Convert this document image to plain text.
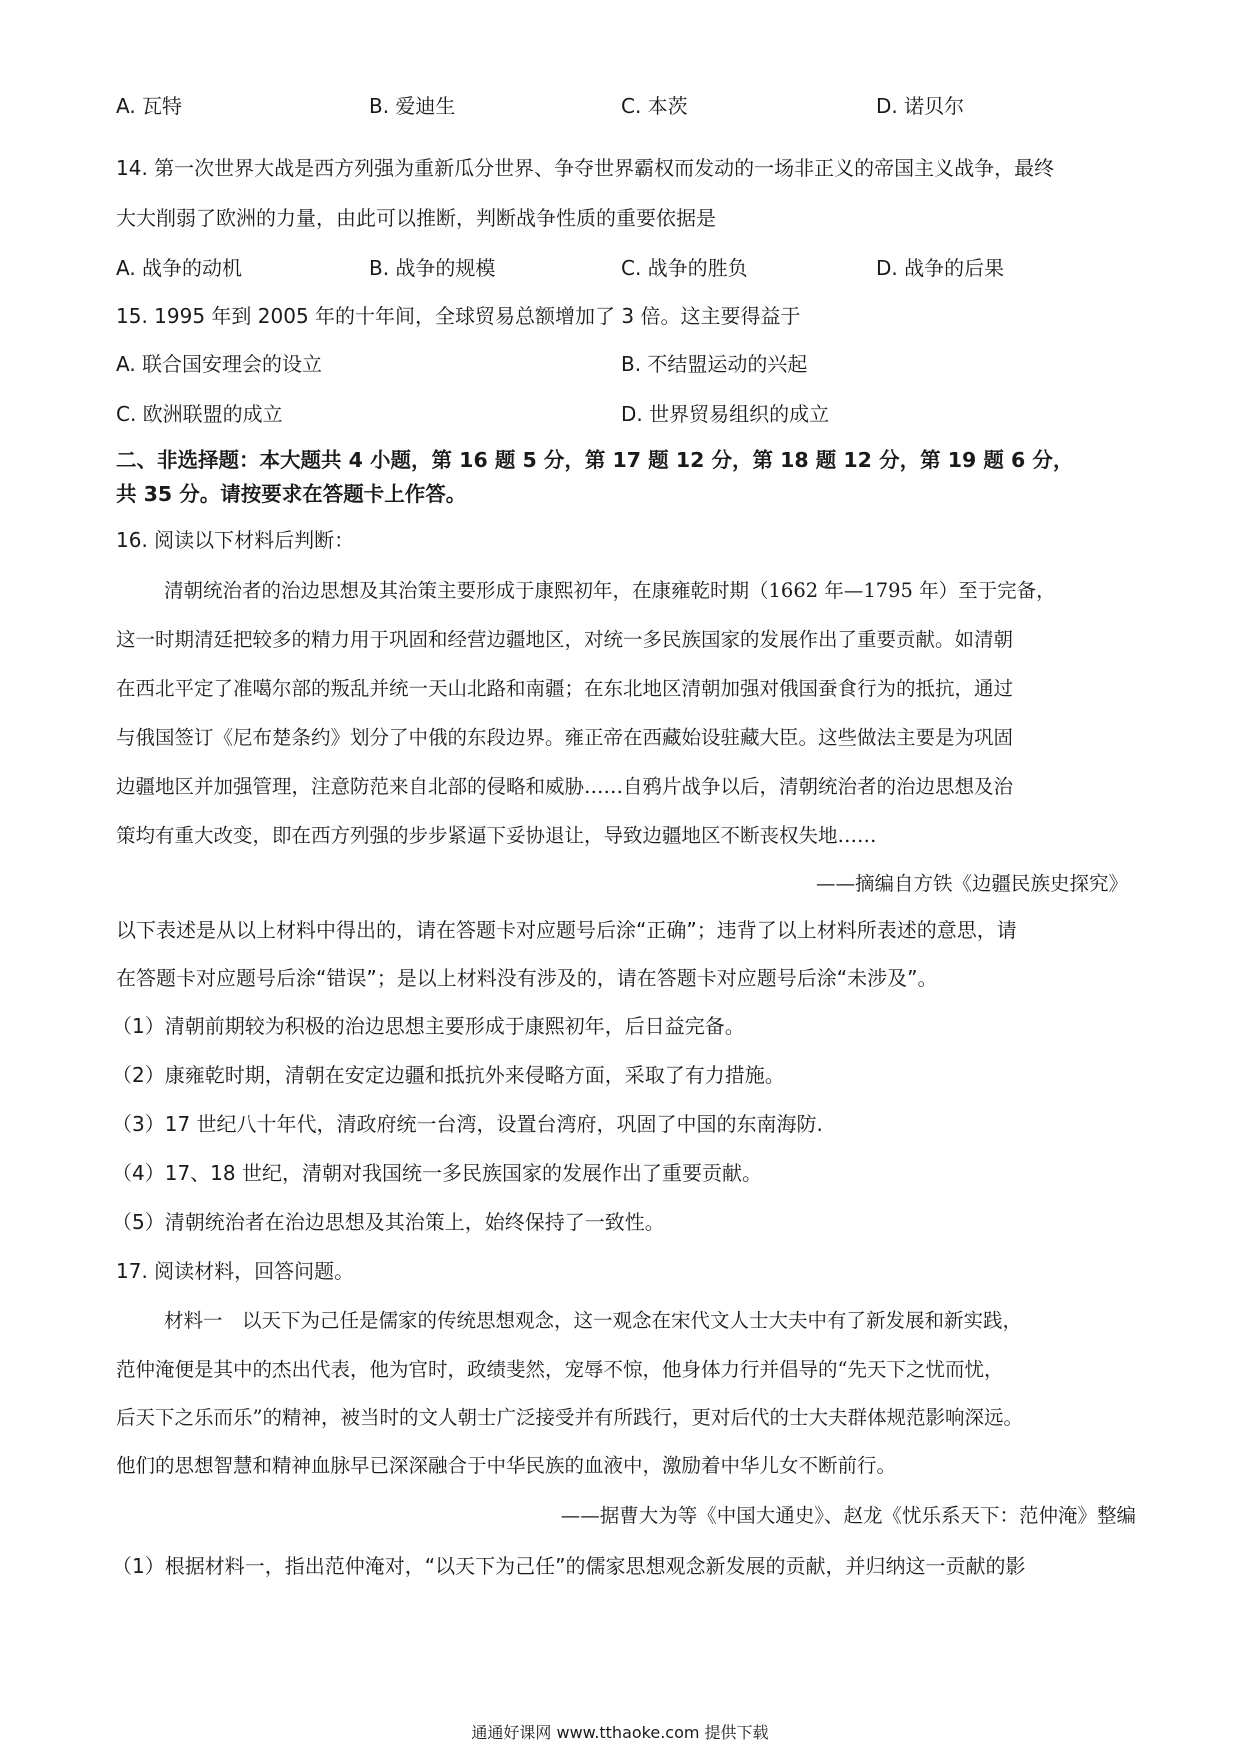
A. 瓦特	B. 爱迪生	C. 本茨	D. 诺贝尔
14. 第一次世界大战是西方列强为重新瓜分世界、争夺世界霸权而发动的一场非正义的帝国主义战争，最终
大大削弱了欧洲的力量，由此可以推断，判断战争性质的重要依据是
A. 战争的动机	B. 战争的规模	C. 战争的胜负	D. 战争的后果
15. 1995 年到 2005 年的十年间，全球贸易总额增加了 3 倍。这主要得益于
A. 联合国安理会的设立	B. 不结盟运动的兴起
C. 欧洲联盟的成立	D. 世界贸易组织的成立
二、非选择题：本大题共 4 小题，第 16 题 5 分，第 17 题 12 分，第 18 题 12 分，第 19 题 6 分，
共 35 分。请按要求在答题卡上作答。
16. 阅读以下材料后判断：
清朝统治者的治边思想及其治策主要形成于康熙初年，在康雍乾时期（1662 年—1795 年）至于完备，
这一时期清廷把较多的精力用于巩固和经营边疆地区，对统一多民族国家的发展作出了重要贡献。如清朝
在西北平定了准噶尔部的叛乱并统一天山北路和南疆；在东北地区清朝加强对俄国蚕食行为的抵抗，通过
与俄国签订《尼布楚条约》划分了中俄的东段边界。雍正帝在西藏始设驻藏大臣。这些做法主要是为巩固
边疆地区并加强管理，注意防范来自北部的侵略和威胁……自鸦片战争以后，清朝统治者的治边思想及治
策均有重大改变，即在西方列强的步步紧逼下妥协退让，导致边疆地区不断丧权失地……
——摘编自方铁《边疆民族史探究》
以下表述是从以上材料中得出的，请在答题卡对应题号后涂“正确”；违背了以上材料所表述的意思，请
在答题卡对应题号后涂“错误”；是以上材料没有涉及的，请在答题卡对应题号后涂“未涉及”。
（1）清朝前期较为积极的治边思想主要形成于康熙初年，后日益完备。
（2）康雍乾时期，清朝在安定边疆和抵抗外来侵略方面，采取了有力措施。
（3）17 世纪八十年代，清政府统一台湾，设置台湾府，巩固了中国的东南海防.
（4）17、18 世纪，清朝对我国统一多民族国家的发展作出了重要贡献。
（5）清朝统治者在治边思想及其治策上，始终保持了一致性。
17. 阅读材料，回答问题。
材料一　以天下为己任是儒家的传统思想观念，这一观念在宋代文人士大夫中有了新发展和新实践，
范仲淹便是其中的杰出代表，他为官时，政绩斐然，宠辱不惊，他身体力行并倡导的“先天下之忧而忧，
后天下之乐而乐”的精神，被当时的文人朝士广泛接受并有所践行，更对后代的士大夫群体规范影响深远。
他们的思想智慧和精神血脉早已深深融合于中华民族的血液中，激励着中华儿女不断前行。
——据曹大为等《中国大通史》、赵龙《忧乐系天下：范仲淹》整编
（1）根据材料一，指出范仲淹对，“以天下为己任”的儒家思想观念新发展的贡献，并归纳这一贡献的影
通通好课网 www.tthaoke.com 提供下载
